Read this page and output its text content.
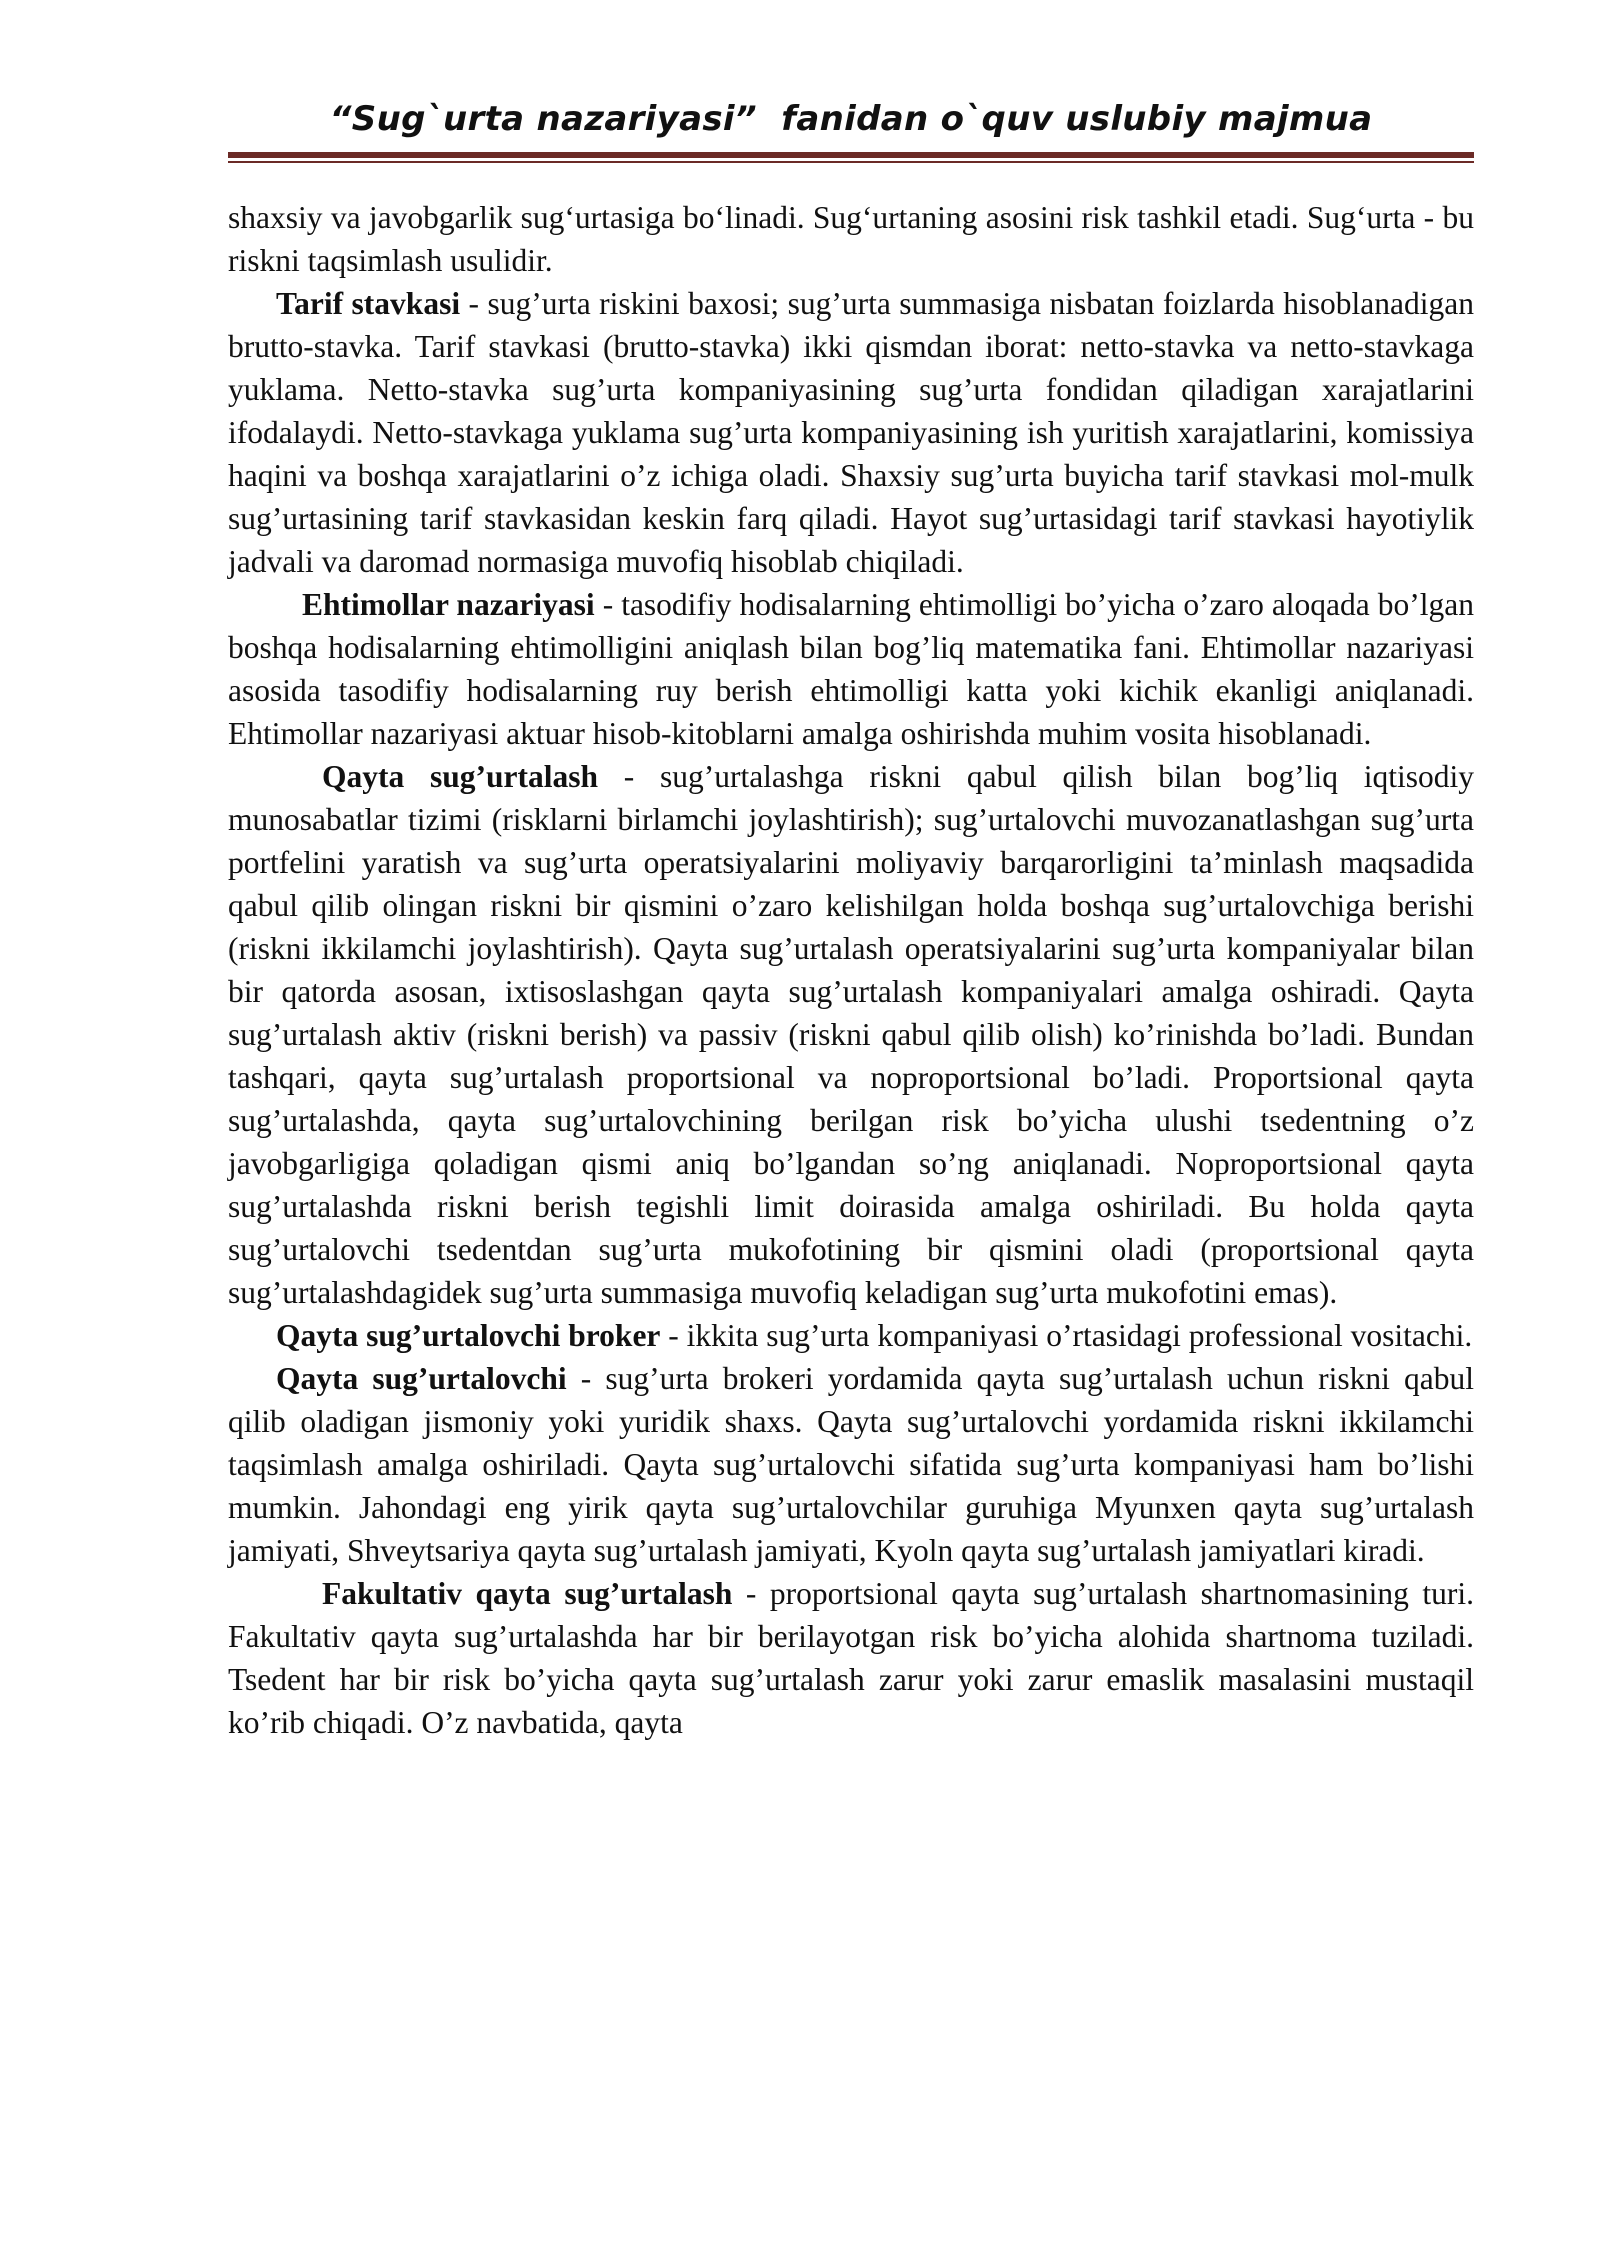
“Sug`urta nazariyasi”  fanidan o`quv uslubiy majmua

shaxsiy va javobgarlik sug‘urtasiga bo‘linadi. Sug‘urtaning asosini risk tashkil etadi. Sug‘urta - bu riskni taqsimlash usulidir.

Tarif stavkasi - sug’urta riskini baxosi; sug’urta summasiga nisbatan foizlarda hisoblanadigan brutto-stavka. Tarif stavkasi (brutto-stavka) ikki qismdan iborat: netto-stavka va netto-stavkaga yuklama. Netto-stavka sug’urta kompaniyasining sug’urta fondidan qiladigan xarajatlarini ifodalaydi. Netto-stavkaga yuklama sug’urta kompaniyasining ish yuritish xarajatlarini, komissiya haqini va boshqa xarajatlarini o’z ichiga oladi. Shaxsiy sug’urta buyicha tarif stavkasi mol-mulk sug’urtasining tarif stavkasidan keskin farq qiladi. Hayot sug’urtasidagi tarif stavkasi hayotiylik jadvali va daromad normasiga muvofiq hisoblab chiqiladi.

Ehtimollar nazariyasi - tasodifiy hodisalarning ehtimolligi bo’yicha o’zaro aloqada bo’lgan boshqa hodisalarning ehtimolligini aniqlash bilan bog’liq matematika fani. Ehtimollar nazariyasi asosida tasodifiy hodisalarning ruy berish ehtimolligi katta yoki kichik ekanligi aniqlanadi. Ehtimollar nazariyasi aktuar hisob-kitoblarni amalga oshirishda muhim vosita hisoblanadi.

Qayta sug’urtalash - sug’urtalashga riskni qabul qilish bilan bog’liq iqtisodiy munosabatlar tizimi (risklarni birlamchi joylashtirish); sug’urtalovchi muvozanatlashgan sug’urta portfelini yaratish va sug’urta operatsiyalarini moliyaviy barqarorligini ta’minlash maqsadida qabul qilib olingan riskni bir qismini o’zaro kelishilgan holda boshqa sug’urtalovchiga berishi (riskni ikkilamchi joylashtirish). Qayta sug’urtalash operatsiyalarini sug’urta kompaniyalar bilan bir qatorda asosan, ixtisoslashgan qayta sug’urtalash kompaniyalari amalga oshiradi. Qayta sug’urtalash aktiv (riskni berish) va passiv (riskni qabul qilib olish) ko’rinishda bo’ladi. Bundan tashqari, qayta sug’urtalash proportsional va noproportsional bo’ladi. Proportsional qayta sug’urtalashda, qayta sug’urtalovchining berilgan risk bo’yicha ulushi tsedentning o’z javobgarligiga qoladigan qismi aniq bo’lgandan so’ng aniqlanadi. Noproportsional qayta sug’urtalashda riskni berish tegishli limit doirasida amalga oshiriladi. Bu holda qayta sug’urtalovchi tsedentdan sug’urta mukofotining bir qismini oladi (proportsional qayta sug’urtalashdagidek sug’urta summasiga muvofiq keladigan sug’urta mukofotini emas).

Qayta sug’urtalovchi broker - ikkita sug’urta kompaniyasi o’rtasidagi professional vositachi.

Qayta sug’urtalovchi - sug’urta brokeri yordamida qayta sug’urtalash uchun riskni qabul qilib oladigan jismoniy yoki yuridik shaxs. Qayta sug’urtalovchi yordamida riskni ikkilamchi taqsimlash amalga oshiriladi. Qayta sug’urtalovchi sifatida sug’urta kompaniyasi ham bo’lishi mumkin. Jahondagi eng yirik qayta sug’urtalovchilar guruhiga Myunxen qayta sug’urtalash jamiyati, Shveytsariya qayta sug’urtalash jamiyati, Kyoln qayta sug’urtalash jamiyatlari kiradi.

Fakultativ qayta sug’urtalash - proportsional qayta sug’urtalash shartnomasining turi. Fakultativ qayta sug’urtalashda har bir berilayotgan risk bo’yicha alohida shartnoma tuziladi. Tsedent har bir risk bo’yicha qayta sug’urtalash zarur yoki zarur emaslik masalasini mustaqil ko’rib chiqadi. O’z navbatida, qayta
